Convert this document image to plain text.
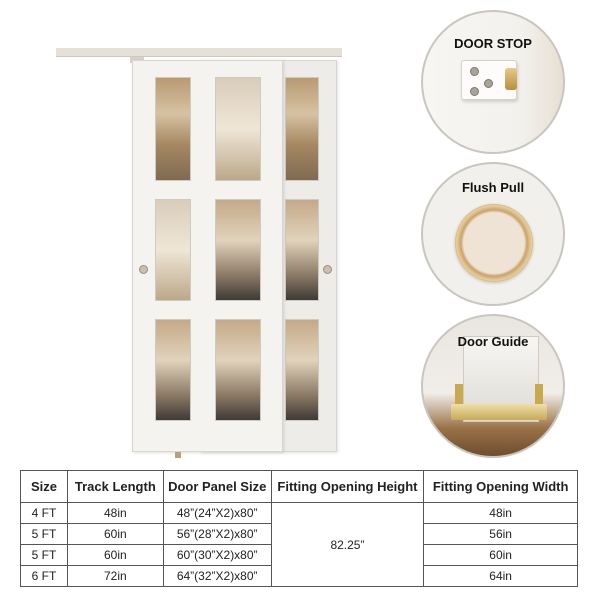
DOOR STOP
Flush Pull
Door Guide
Size	Track Length	Door Panel Size	Fitting Opening Height	Fitting Opening Width
4 FT	48in	48”(24”X2)x80”	82.25”	48in
5 FT	60in	56”(28”X2)x80”		56in
5 FT	60in	60”(30”X2)x80”		60in
6 FT	72in	64”(32”X2)x80”		64in
